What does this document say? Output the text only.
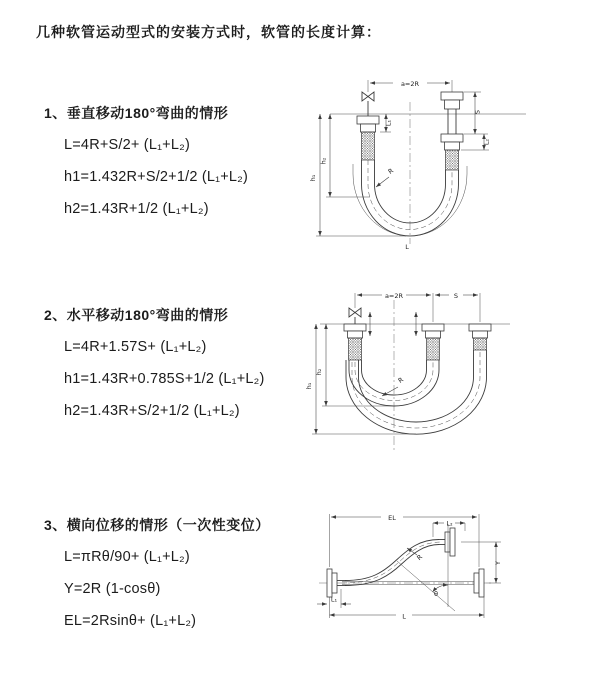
几种软管运动型式的安装方式时，软管的长度计算：
1、垂直移动180°弯曲的情形
L=4R+S/2+ (L₁+L₂)
h1=1.432R+S/2+1/2 (L₁+L₂)
h2=1.43R+1/2 (L₁+L₂)
a=2R
R
L
h₁
h₂
L₁
S
L₂
2、水平移动180°弯曲的情形
L=4R+1.57S+ (L₁+L₂)
h1=1.43R+0.785S+1/2 (L₁+L₂)
h2=1.43R+S/2+1/2 (L₁+L₂)
a=2R	S
R
h₁
h₂
3、横向位移的情形（一次性变位）
L=πRθ/90+ (L₁+L₂)
Y=2R (1-cosθ)
EL=2Rsinθ+ (L₁+L₂)
θ
R
EL
L₂
Y
L
L₁
